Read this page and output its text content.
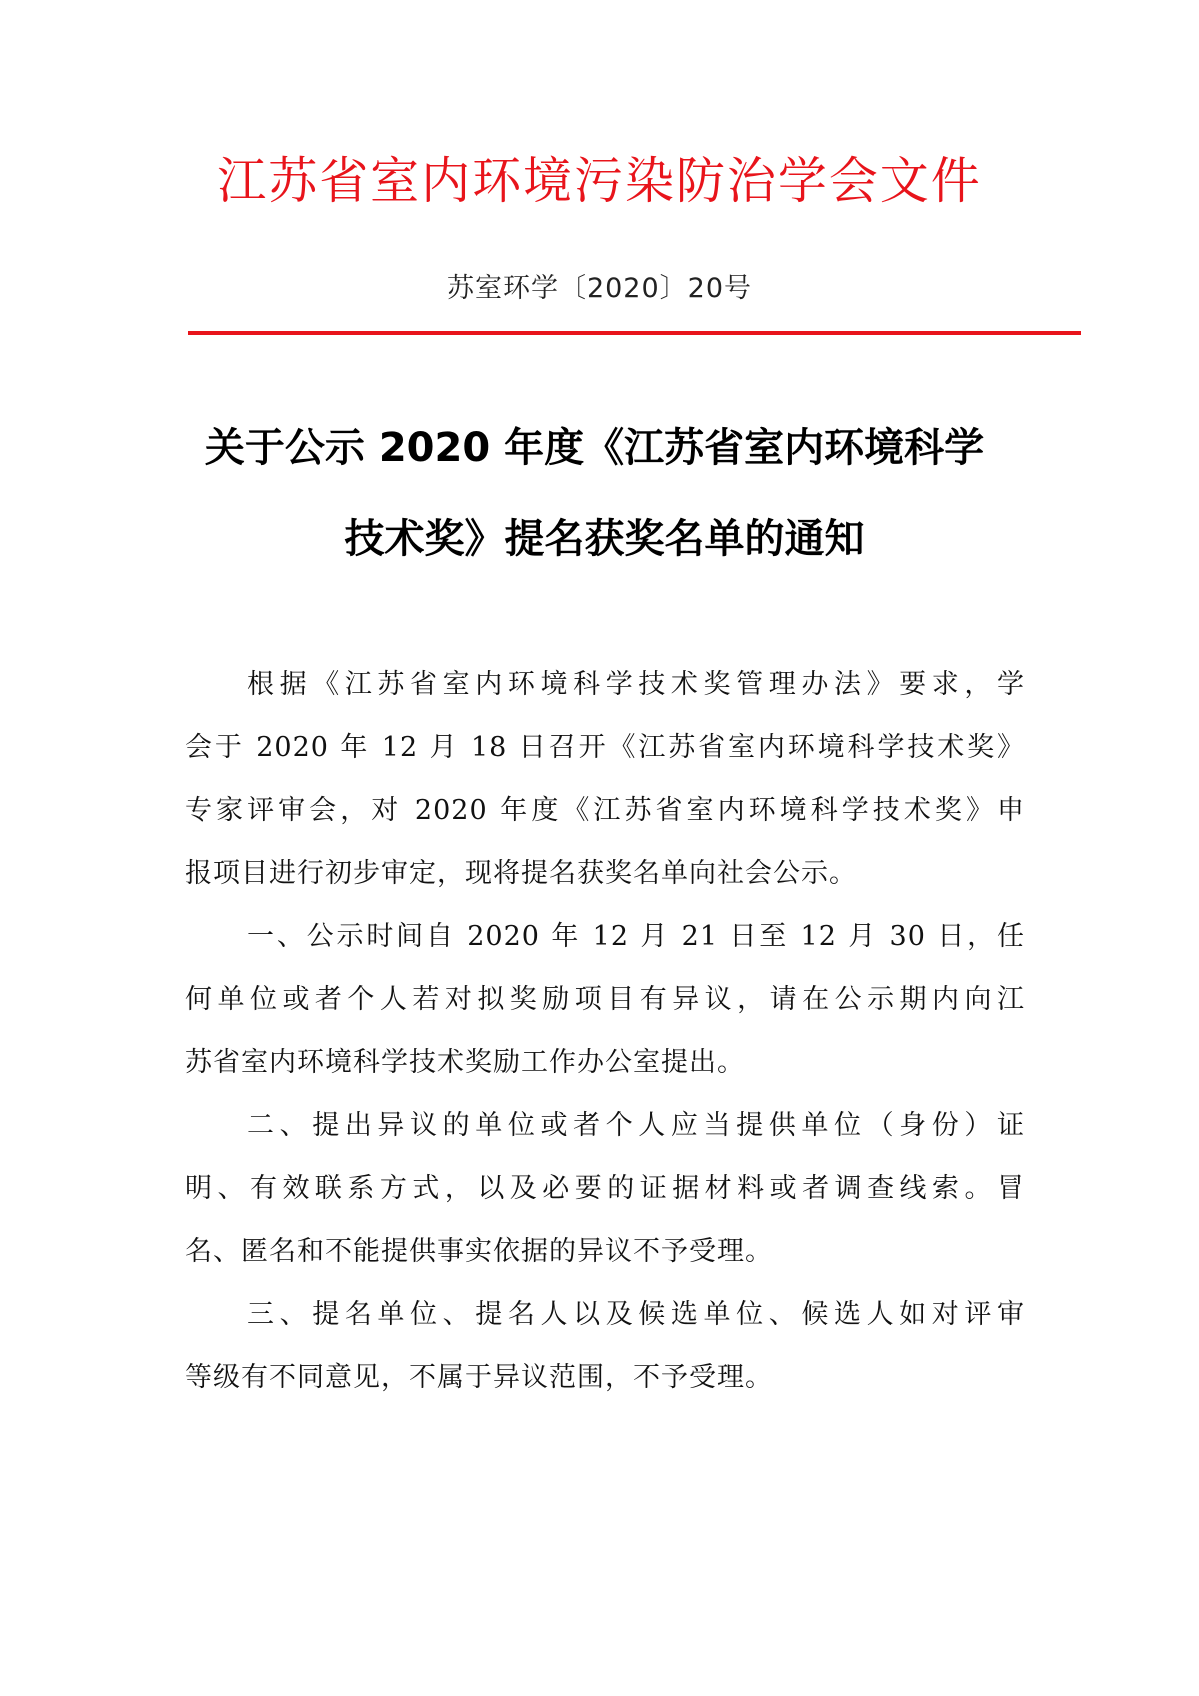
江苏省室内环境污染防治学会文件
苏室环学〔2020〕20号
关于公示 2020 年度《江苏省室内环境科学
技术奖》提名获奖名单的通知
根据《江苏省室内环境科学技术奖管理办法》要求，学
会于 2020 年 12 月 18 日召开《江苏省室内环境科学技术奖》
专家评审会，对 2020 年度《江苏省室内环境科学技术奖》申
报项目进行初步审定，现将提名获奖名单向社会公示。
一、公示时间自 2020 年 12 月 21 日至 12 月 30 日，任
何单位或者个人若对拟奖励项目有异议，请在公示期内向江
苏省室内环境科学技术奖励工作办公室提出。
二、提出异议的单位或者个人应当提供单位（身份）证
明、有效联系方式，以及必要的证据材料或者调查线索。冒
名、匿名和不能提供事实依据的异议不予受理。
三、提名单位、提名人以及候选单位、候选人如对评审
等级有不同意见，不属于异议范围，不予受理。
